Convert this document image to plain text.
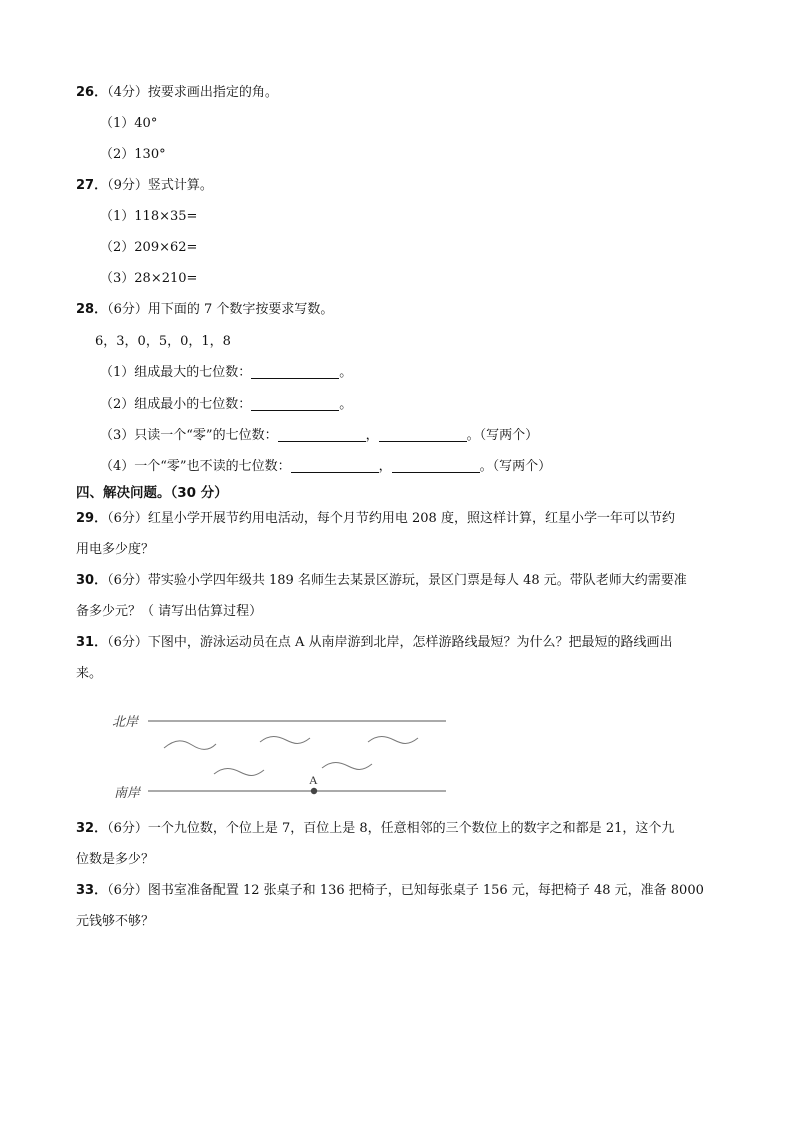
26．（4分）按要求画出指定的角。
（1）40°
（2）130°
27．（9分）竖式计算。
（1）118×35=
（2）209×62=
（3）28×210=
28．（6分）用下面的 7 个数字按要求写数。
6，3，0，5，0，1，8
（1）组成最大的七位数：	。
（2）组成最小的七位数：	。
（3）只读一个“零”的七位数：	，	。（写两个）
（4）一个“零”也不读的七位数：	，	。（写两个）
四、解决问题。（30 分）
29．（6分）红星小学开展节约用电活动，每个月节约用电 208 度，照这样计算，红星小学一年可以节约
用电多少度？
30．（6分）带实验小学四年级共 189 名师生去某景区游玩，景区门票是每人 48 元。带队老师大约需要准
备多少元？（ 请写出估算过程）
31．（6分）下图中，游泳运动员在点 A 从南岸游到北岸，怎样游路线最短？为什么？把最短的路线画出
来。
北岸
南岸
A
32．（6分）一个九位数，个位上是 7，百位上是 8，任意相邻的三个数位上的数字之和都是 21，这个九
位数是多少？
33．（6分）图书室准备配置 12 张桌子和 136 把椅子，已知每张桌子 156 元，每把椅子 48 元，准备 8000
元钱够不够？
